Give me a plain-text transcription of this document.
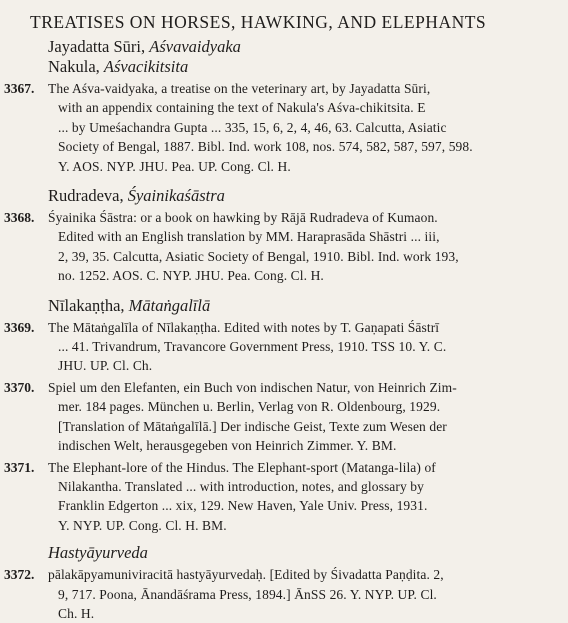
TREATISES ON HORSES, HAWKING, AND ELEPHANTS
Jayadatta Sūri, Aśvavaidyaka
Nakula, Aśvacikitsita
3367.	The Aśva-vaidyaka, a treatise on the veterinary art, by Jayadatta Sūri,
with an appendix containing the text of Nakula's Aśva-chikitsita. E
... by Umeśachandra Gupta ... 335, 15, 6, 2, 4, 46, 63. Calcutta, Asiatic
Society of Bengal, 1887. Bibl. Ind. work 108, nos. 574, 582, 587, 597, 598.
Y. AOS. NYP. JHU. Pea. UP. Cong. Cl. H.
Rudradeva, Śyainikaśāstra
3368.	Śyainika Śāstra: or a book on hawking by Rājā Rudradeva of Kumaon.
Edited with an English translation by MM. Haraprasāda Shāstri ... iii,
2, 39, 35. Calcutta, Asiatic Society of Bengal, 1910. Bibl. Ind. work 193,
no. 1252. AOS. C. NYP. JHU. Pea. Cong. Cl. H.
Nīlakaṇṭha, Mātaṅgalīlā
3369.	The Mātaṅgalīla of Nīlakaṇṭha. Edited with notes by T. Gaṇapati Śāstrī
... 41. Trivandrum, Travancore Government Press, 1910. TSS 10. Y. C.
JHU. UP. Cl. Ch.
3370.	Spiel um den Elefanten, ein Buch von indischen Natur, von Heinrich Zim-
mer. 184 pages. München u. Berlin, Verlag von R. Oldenbourg, 1929.
[Translation of Mātaṅgalīlā.] Der indische Geist, Texte zum Wesen der
indischen Welt, herausgegeben von Heinrich Zimmer. Y. BM.
3371.	The Elephant-lore of the Hindus. The Elephant-sport (Matanga-lila) of
Nilakantha. Translated ... with introduction, notes, and glossary by
Franklin Edgerton ... xix, 129. New Haven, Yale Univ. Press, 1931.
Y. NYP. UP. Cong. Cl. H. BM.
Hastyāyurveda
3372.	pālakāpyamuniviracitā hastyāyurvedaḥ. [Edited by Śivadatta Paṇḍita. 2,
9, 717. Poona, Ānandāśrama Press, 1894.] ĀnSS 26. Y. NYP. UP. Cl.
Ch. H.
